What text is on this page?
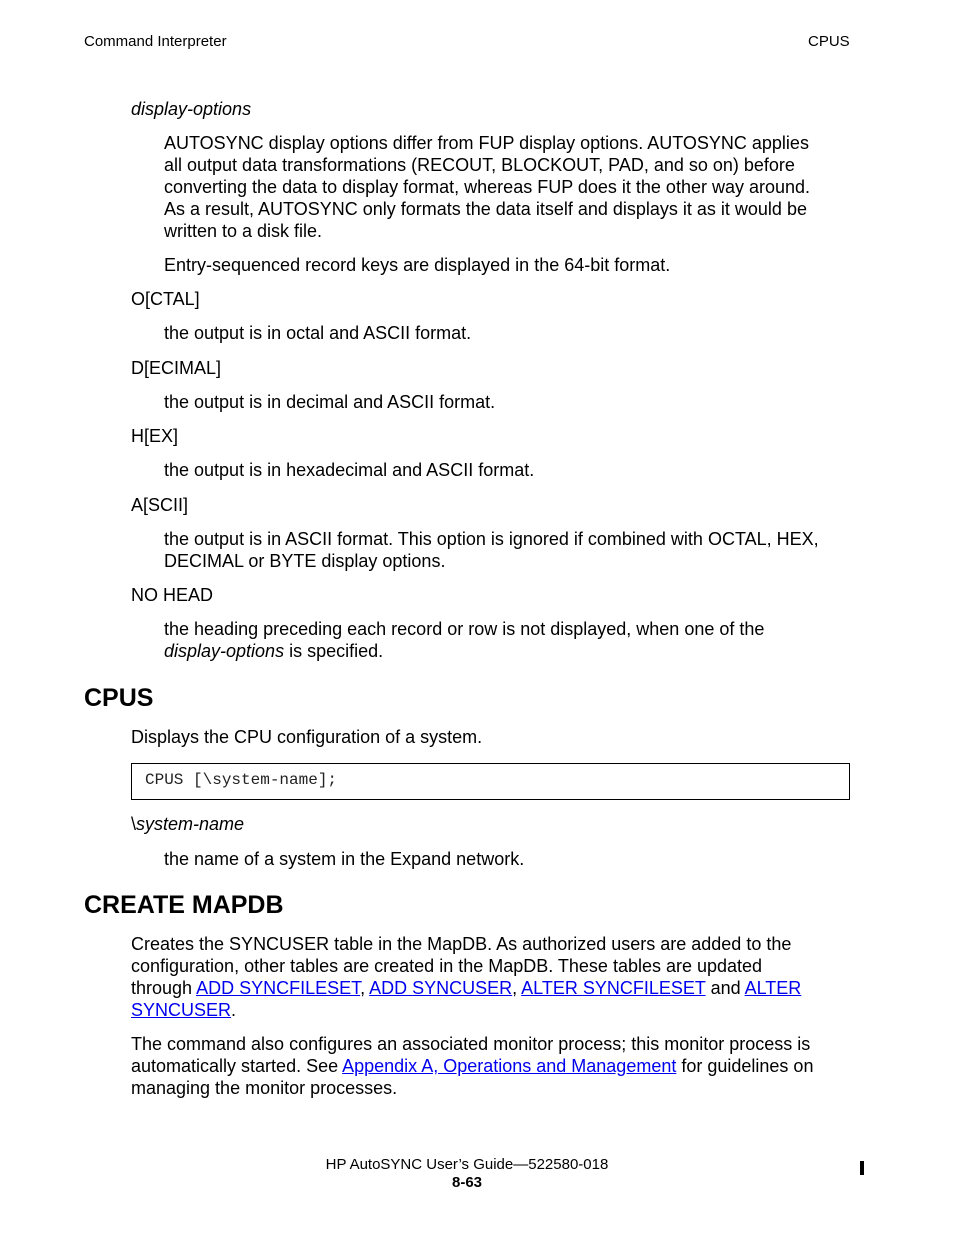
Command Interpreter	CPUS
display-options
AUTOSYNC display options differ from FUP display options. AUTOSYNC applies
all output data transformations (RECOUT, BLOCKOUT, PAD, and so on) before
converting the data to display format, whereas FUP does it the other way around.
As a result, AUTOSYNC only formats the data itself and displays it as it would be
written to a disk file.
Entry-sequenced record keys are displayed in the 64-bit format.
O[CTAL]
the output is in octal and ASCII format.
D[ECIMAL]
the output is in decimal and ASCII format.
H[EX]
the output is in hexadecimal and ASCII format.
A[SCII]
the output is in ASCII format. This option is ignored if combined with OCTAL, HEX,
DECIMAL or BYTE display options.
NO HEAD
the heading preceding each record or row is not displayed, when one of the
display-options is specified.
CPUS
Displays the CPU configuration of a system.
CPUS [\system-name];
\system-name
the name of a system in the Expand network.
CREATE MAPDB
Creates the SYNCUSER table in the MapDB. As authorized users are added to the
configuration, other tables are created in the MapDB. These tables are updated
through ADD SYNCFILESET, ADD SYNCUSER, ALTER SYNCFILESET and ALTER
SYNCUSER.
The command also configures an associated monitor process; this monitor process is
automatically started. See Appendix A, Operations and Management for guidelines on
managing the monitor processes.
HP AutoSYNC User’s Guide—522580-018
8-63
